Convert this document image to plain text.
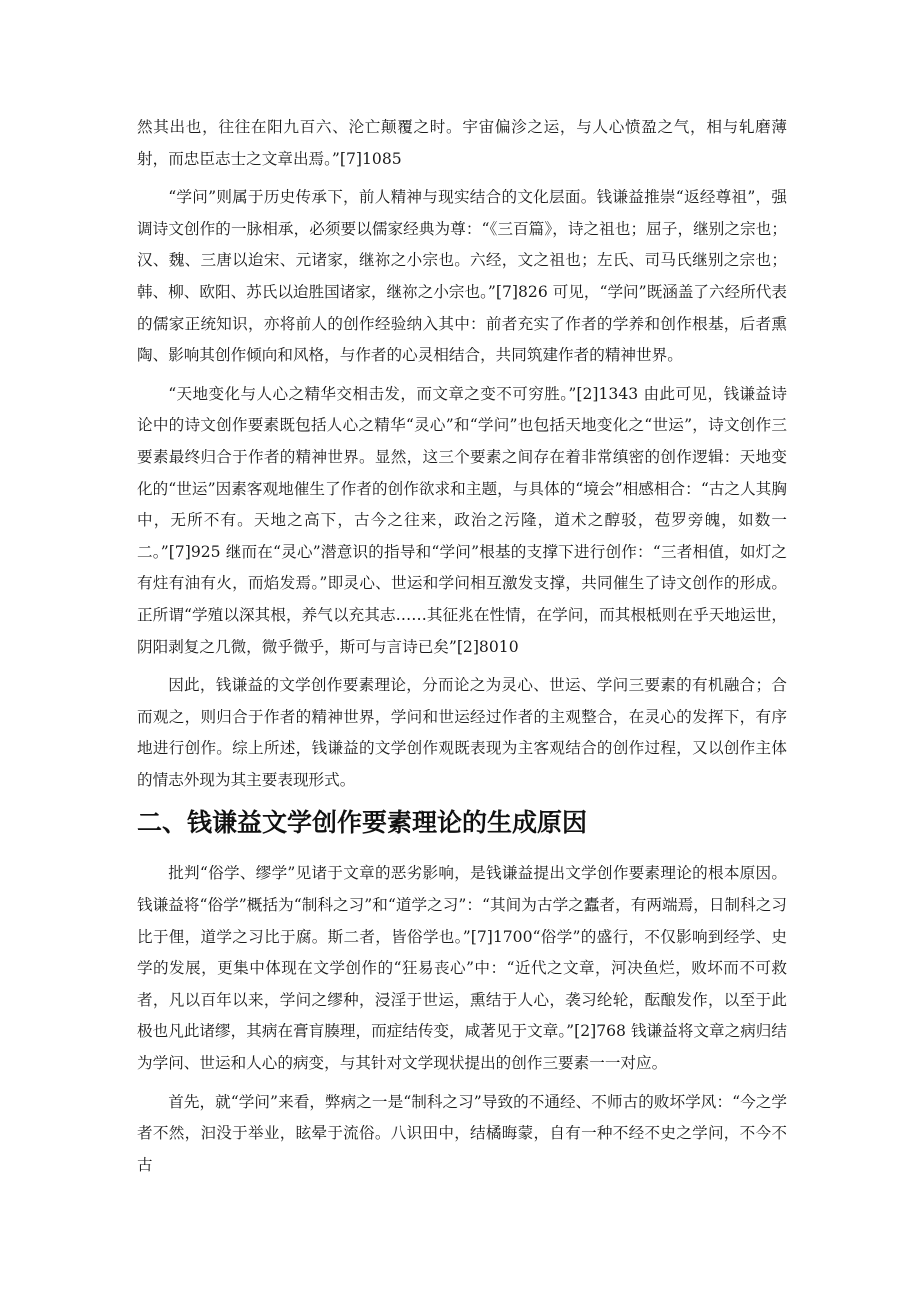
然其出也，往往在阳九百六、沦亡颠覆之时。宇宙偏沴之运，与人心愤盈之气，相与轧磨薄射，而忠臣志士之文章出焉。”[7]1085

“学问”则属于历史传承下，前人精神与现实结合的文化层面。钱谦益推崇“返经尊祖”，强调诗文创作的一脉相承，必须要以儒家经典为尊：“《三百篇》，诗之祖也；屈子，继别之宗也；汉、魏、三唐以迨宋、元诸家，继祢之小宗也。六经，文之祖也；左氏、司马氏继别之宗也；韩、柳、欧阳、苏氏以迨胜国诸家，继祢之小宗也。”[7]826 可见，“学问”既涵盖了六经所代表的儒家正统知识，亦将前人的创作经验纳入其中：前者充实了作者的学养和创作根基，后者熏陶、影响其创作倾向和风格，与作者的心灵相结合，共同筑建作者的精神世界。

“天地变化与人心之精华交相击发，而文章之变不可穷胜。”[2]1343 由此可见，钱谦益诗论中的诗文创作要素既包括人心之精华“灵心”和“学问”也包括天地变化之“世运”，诗文创作三要素最终归合于作者的精神世界。显然，这三个要素之间存在着非常缜密的创作逻辑：天地变化的“世运”因素客观地催生了作者的创作欲求和主题，与具体的“境会”相感相合：“古之人其胸中，无所不有。天地之高下，古今之往来，政治之污隆，道术之醇驳，苞罗旁魄，如数一二。”[7]925 继而在“灵心”潜意识的指导和“学问”根基的支撑下进行创作：“三者相值，如灯之有炷有油有火，而焰发焉。”即灵心、世运和学问相互激发支撑，共同催生了诗文创作的形成。正所谓“学殖以深其根，养气以充其志……其征兆在性情，在学问，而其根柢则在乎天地运世，阴阳剥复之几微，微乎微乎，斯可与言诗已矣”[2]8010

因此，钱谦益的文学创作要素理论，分而论之为灵心、世运、学问三要素的有机融合；合而观之，则归合于作者的精神世界，学问和世运经过作者的主观整合，在灵心的发挥下，有序地进行创作。综上所述，钱谦益的文学创作观既表现为主客观结合的创作过程，又以创作主体的情志外现为其主要表现形式。

二、钱谦益文学创作要素理论的生成原因

批判“俗学、缪学”见诸于文章的恶劣影响，是钱谦益提出文学创作要素理论的根本原因。钱谦益将“俗学”概括为“制科之习”和“道学之习”：“其间为古学之蠹者，有两端焉，日制科之习比于俚，道学之习比于腐。斯二者，皆俗学也。”[7]1700“俗学”的盛行，不仅影响到经学、史学的发展，更集中体现在文学创作的“狂易丧心”中：“近代之文章，河决鱼烂，败坏而不可救者，凡以百年以来，学问之缪种，浸淫于世运，熏结于人心，袭习纶轮，酝酿发作，以至于此极也凡此诸缪，其病在膏肓腠理，而症结传变，咸著见于文章。”[2]768 钱谦益将文章之病归结为学问、世运和人心的病变，与其针对文学现状提出的创作三要素一一对应。

首先，就“学问”来看，弊病之一是“制科之习”导致的不通经、不师古的败坏学风：“今之学者不然，汩没于举业，眩晕于流俗。八识田中，结橘晦蒙，自有一种不经不史之学问，不今不古
